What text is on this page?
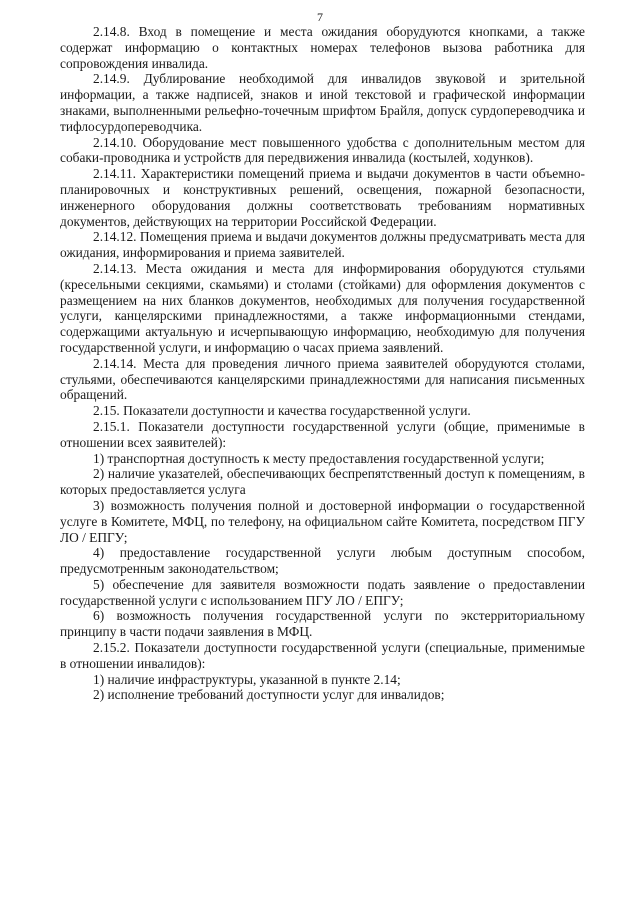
7

2.14.8. Вход в помещение и места ожидания оборудуются кнопками, а также содержат информацию о контактных номерах телефонов вызова работника для сопровождения инвалида.

2.14.9. Дублирование необходимой для инвалидов звуковой и зрительной информации, а также надписей, знаков и иной текстовой и графической информации знаками, выполненными рельефно-точечным шрифтом Брайля, допуск сурдопереводчика и тифлосурдопереводчика.

2.14.10. Оборудование мест повышенного удобства с дополнительным местом для собаки-проводника и устройств для передвижения инвалида (костылей, ходунков).

2.14.11. Характеристики помещений приема и выдачи документов в части объемно-планировочных и конструктивных решений, освещения, пожарной безопасности, инженерного оборудования должны соответствовать требованиям нормативных документов, действующих на территории Российской Федерации.

2.14.12. Помещения приема и выдачи документов должны предусматривать места для ожидания, информирования и приема заявителей.

2.14.13. Места ожидания и места для информирования оборудуются стульями (кресельными секциями, скамьями) и столами (стойками) для оформления документов с размещением на них бланков документов, необходимых для получения государственной услуги, канцелярскими принадлежностями, а также информационными стендами, содержащими актуальную и исчерпывающую информацию, необходимую для получения государственной услуги, и информацию о часах приема заявлений.

2.14.14. Места для проведения личного приема заявителей оборудуются столами, стульями, обеспечиваются канцелярскими принадлежностями для написания письменных обращений.

2.15. Показатели доступности и качества государственной услуги.

2.15.1. Показатели доступности государственной услуги (общие, применимые в отношении всех заявителей):

1) транспортная доступность к месту предоставления государственной услуги;

2) наличие указателей, обеспечивающих беспрепятственный доступ к помещениям, в которых предоставляется услуга

3) возможность получения полной и достоверной информации о государственной услуге в Комитете, МФЦ, по телефону, на официальном сайте Комитета, посредством ПГУ ЛО / ЕПГУ;

4) предоставление государственной услуги любым доступным способом, предусмотренным законодательством;

5) обеспечение для заявителя возможности подать заявление о предоставлении государственной услуги с использованием ПГУ ЛО / ЕПГУ;

6) возможность получения государственной услуги по экстерриториальному принципу в части подачи заявления в МФЦ.

2.15.2. Показатели доступности государственной услуги (специальные, применимые в отношении инвалидов):

1) наличие инфраструктуры, указанной в пункте 2.14;

2) исполнение требований доступности услуг для инвалидов;
